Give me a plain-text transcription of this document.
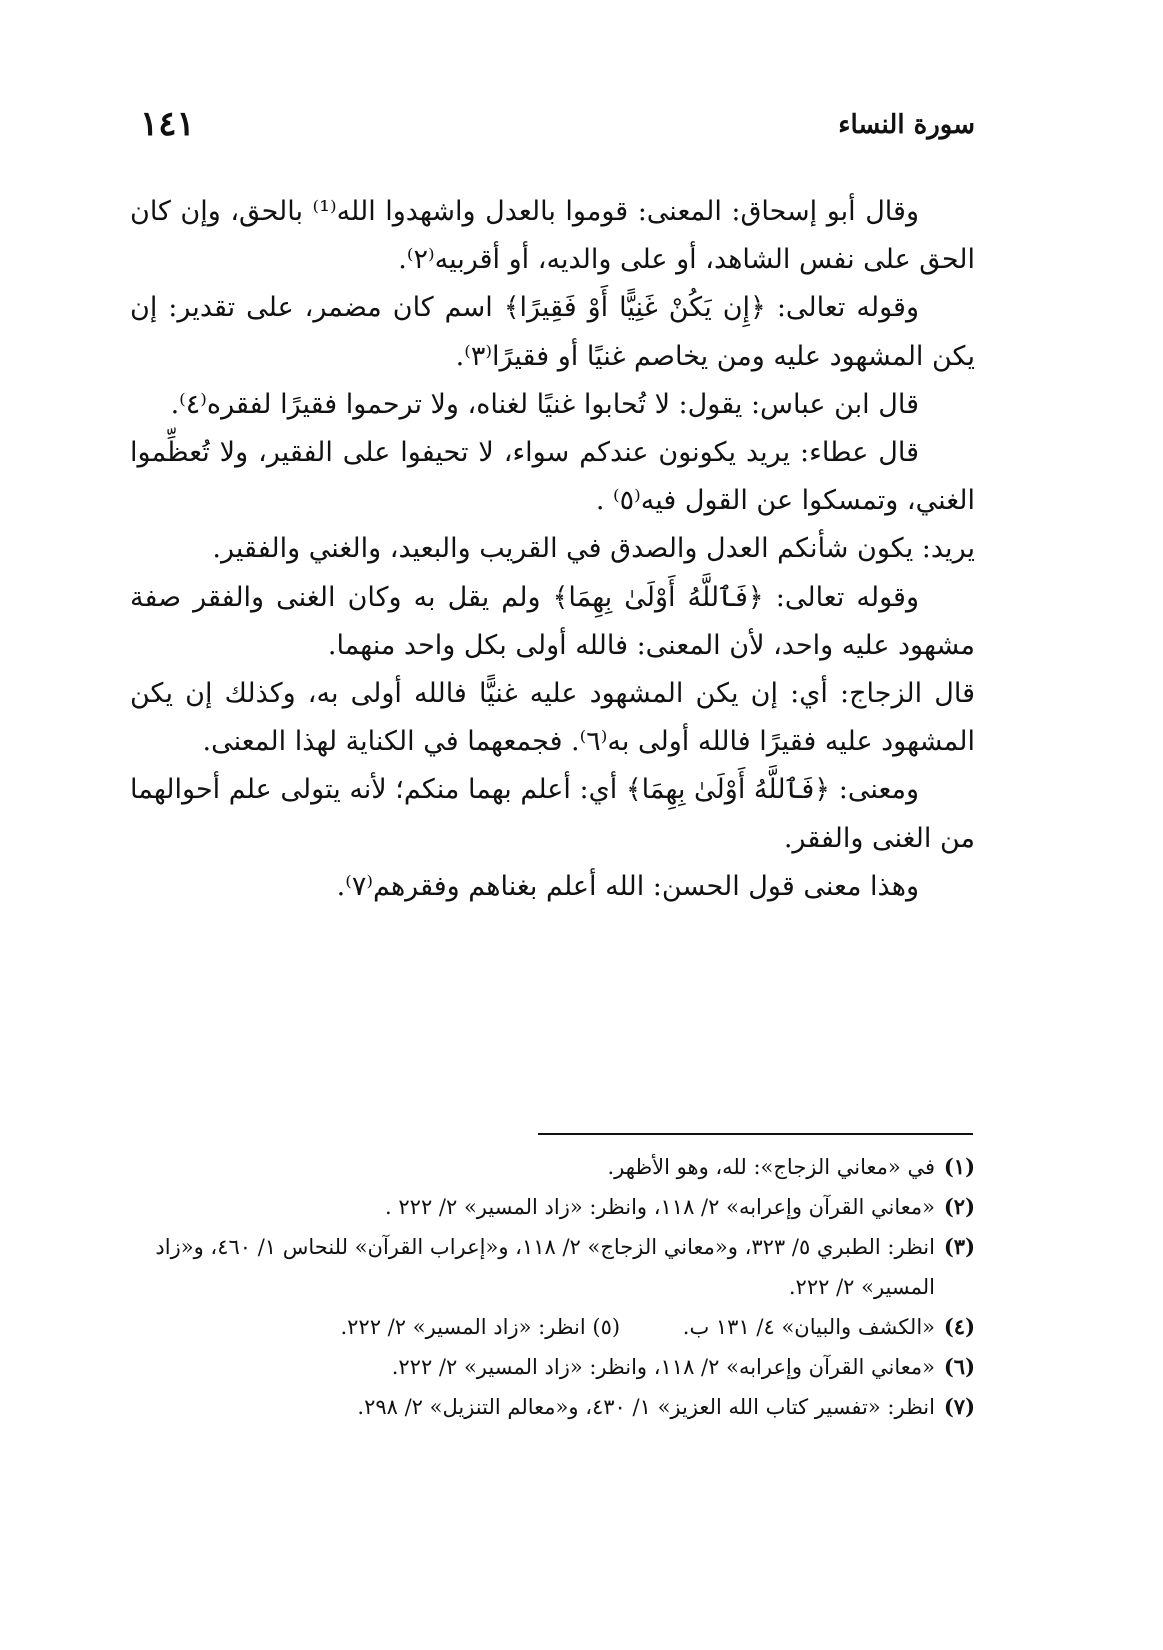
سورة النساء
١٤١

وقال أبو إسحاق: المعنى: قوموا بالعدل واشهدوا الله⁽¹⁾ بالحق، وإن كان الحق على نفس الشاهد، أو على والديه، أو أقربيه⁽٢⁾.

وقوله تعالى: ﴿إِن يَكُنْ غَنِيًّا أَوْ فَقِيرًا﴾ اسم كان مضمر، على تقدير: إن يكن المشهود عليه ومن يخاصم غنيًا أو فقيرًا⁽٣⁾.

قال ابن عباس: يقول: لا تُحابوا غنيًا لغناه، ولا ترحموا فقيرًا لفقره⁽٤⁾.

قال عطاء: يريد يكونون عندكم سواء، لا تحيفوا على الفقير، ولا تُعظِّموا الغني، وتمسكوا عن القول فيه⁽٥⁾ .

يريد: يكون شأنكم العدل والصدق في القريب والبعيد، والغني والفقير.

وقوله تعالى: ﴿فَٱللَّهُ أَوْلَىٰ بِهِمَا﴾ ولم يقل به وكان الغنى والفقر صفة مشهود عليه واحد، لأن المعنى: فالله أولى بكل واحد منهما.

قال الزجاج: أي: إن يكن المشهود عليه غنيًّا فالله أولى به، وكذلك إن يكن المشهود عليه فقيرًا فالله أولى به⁽٦⁾. فجمعهما في الكناية لهذا المعنى.

ومعنى: ﴿فَٱللَّهُ أَوْلَىٰ بِهِمَا﴾ أي: أعلم بهما منكم؛ لأنه يتولى علم أحوالهما من الغنى والفقر.

وهذا معنى قول الحسن: الله أعلم بغناهم وفقرهم⁽٧⁾.

(١)
في «معاني الزجاج»: لله، وهو الأظهر.

(٢)
«معاني القرآن وإعرابه» ٢/ ١١٨، وانظر: «زاد المسير» ٢/ ٢٢٢ .

(٣)
انظر: الطبري ٥/ ٣٢٣، و«معاني الزجاج» ٢/ ١١٨، و«إعراب القرآن» للنحاس ١/ ٤٦٠، و«زاد المسير» ٢/ ٢٢٢.

(٤)
«الكشف والبيان» ٤/ ١٣١ ب. (٥) انظر: «زاد المسير» ٢/ ٢٢٢.

(٦)
«معاني القرآن وإعرابه» ٢/ ١١٨، وانظر: «زاد المسير» ٢/ ٢٢٢.

(٧)
انظر: «تفسير كتاب الله العزيز» ١/ ٤٣٠، و«معالم التنزيل» ٢/ ٢٩٨.
